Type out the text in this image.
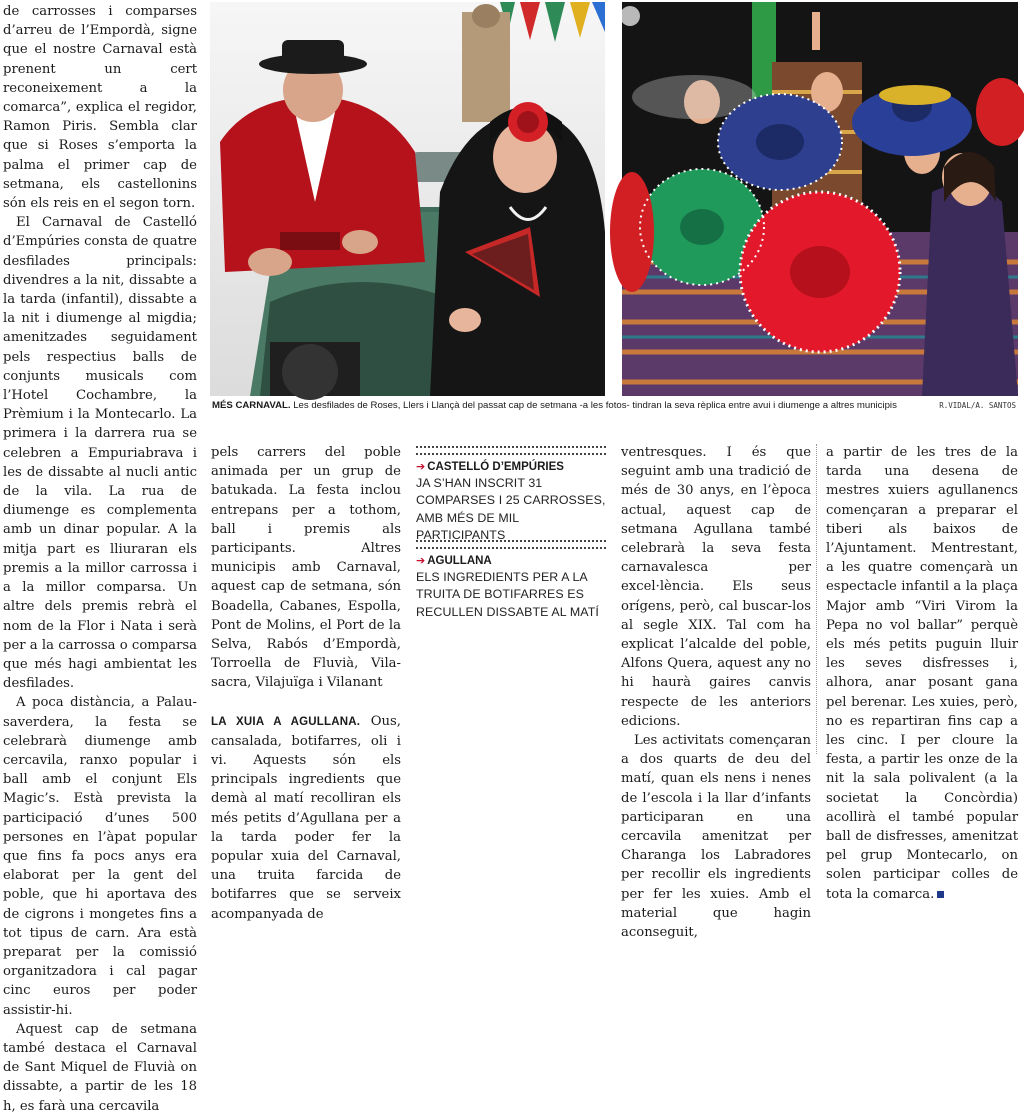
de carrosses i comparses d’arreu de l’Empordà, signe que el nostre Carnaval està prenent un cert reconeixement a la comarca”, explica el regidor, Ramon Piris. Sembla clar que si Roses s’emporta la palma el primer cap de setmana, els castellonins són els reis en el segon torn.

El Carnaval de Castelló d’Empúries consta de quatre desfilades principals: divendres a la nit, dissabte a la tarda (infantil), dissabte a la nit i diumenge al migdia; amenitzades seguidament pels respectius balls de conjunts musicals com l’Hotel Cochambre, la Prèmium i la Montecarlo. La primera i la darrera rua se celebren a Empuriabrava i les de dissabte al nucli antic de la vila. La rua de diumenge es complementa amb un dinar popular. A la mitja part es lliuraran els premis a la millor carrossa i a la millor comparsa. Un altre dels premis rebrà el nom de la Flor i Nata i serà per a la carrossa o comparsa que més hagi ambientat les desfilades.

A poca distància, a Palau-saverdera, la festa se celebrarà diumenge amb cercavila, ranxo popular i ball amb el conjunt Els Magic’s. Està prevista la participació d’unes 500 persones en l’àpat popular que fins fa pocs anys era elaborat per la gent del poble, que hi aportava des de cigrons i mongetes fins a tot tipus de carn. Ara està preparat per la comissió organitzadora i cal pagar cinc euros per poder assistir-hi.

Aquest cap de setmana també destaca el Carnaval de Sant Miquel de Fluvià on dissabte, a partir de les 18 h, es farà una cercavila

MÉS CARNAVAL. Les desfilades de Roses, Llers i Llançà del passat cap de setmana -a les fotos- tindran la seva rèplica entre avui i diumenge a altres municipis	R.VIDAL/A. SANTOS

pels carrers del poble animada per un grup de batukada. La festa inclou entrepans per a tothom, ball i premis als participants. Altres municipis amb Carnaval, aquest cap de setmana, són Boadella, Cabanes, Espolla, Pont de Molins, el Port de la Selva, Rabós d’Empordà, Torroella de Fluvià, Vila-sacra, Vilajuïga i Vilanant

LA XUIA A AGULLANA. Ous, cansalada, botifarres, oli i vi. Aquests són els principals ingredients que demà al matí recolliran els més petits d’Agullana per a la tarda poder fer la popular xuia del Carnaval, una truita farcida de botifarres que se serveix acompanyada de

➔ CASTELLÓ D’EMPÚRIES
JA S’HAN INSCRIT 31 COMPARSES I 25 CARROSSES, AMB MÉS DE MIL PARTICIPANTS
➔ AGULLANA
ELS INGREDIENTS PER A LA TRUITA DE BOTIFARRES ES RECULLEN DISSABTE AL MATÍ

ventresques. I és que seguint amb una tradició de més de 30 anys, en l’època actual, aquest cap de setmana Agullana també celebrarà la seva festa carnavalesca per excel·lència. Els seus orígens, però, cal buscar-los al segle XIX. Tal com ha explicat l’alcalde del poble, Alfons Quera, aquest any no hi haurà gaires canvis respecte de les anteriors edicions.

Les activitats començaran a dos quarts de deu del matí, quan els nens i nenes de l’escola i la llar d’infants participaran en una cercavila amenitzat per Charanga los Labradores per recollir els ingredients per fer les xuies. Amb el material que hagin aconseguit,

a partir de les tres de la tarda una desena de mestres xuiers agullanencs començaran a preparar el tiberi als baixos de l’Ajuntament. Mentrestant, a les quatre començarà un espectacle infantil a la plaça Major amb “Viri Virom la Pepa no vol ballar” perquè els més petits puguin lluir les seves disfresses i, alhora, anar posant gana pel berenar. Les xuies, però, no es repartiran fins cap a les cinc. I per cloure la festa, a partir les onze de la nit la sala polivalent (a la societat la Concòrdia) acollirà el també popular ball de disfresses, amenitzat pel grup Montecarlo, on solen participar colles de tota la comarca.
